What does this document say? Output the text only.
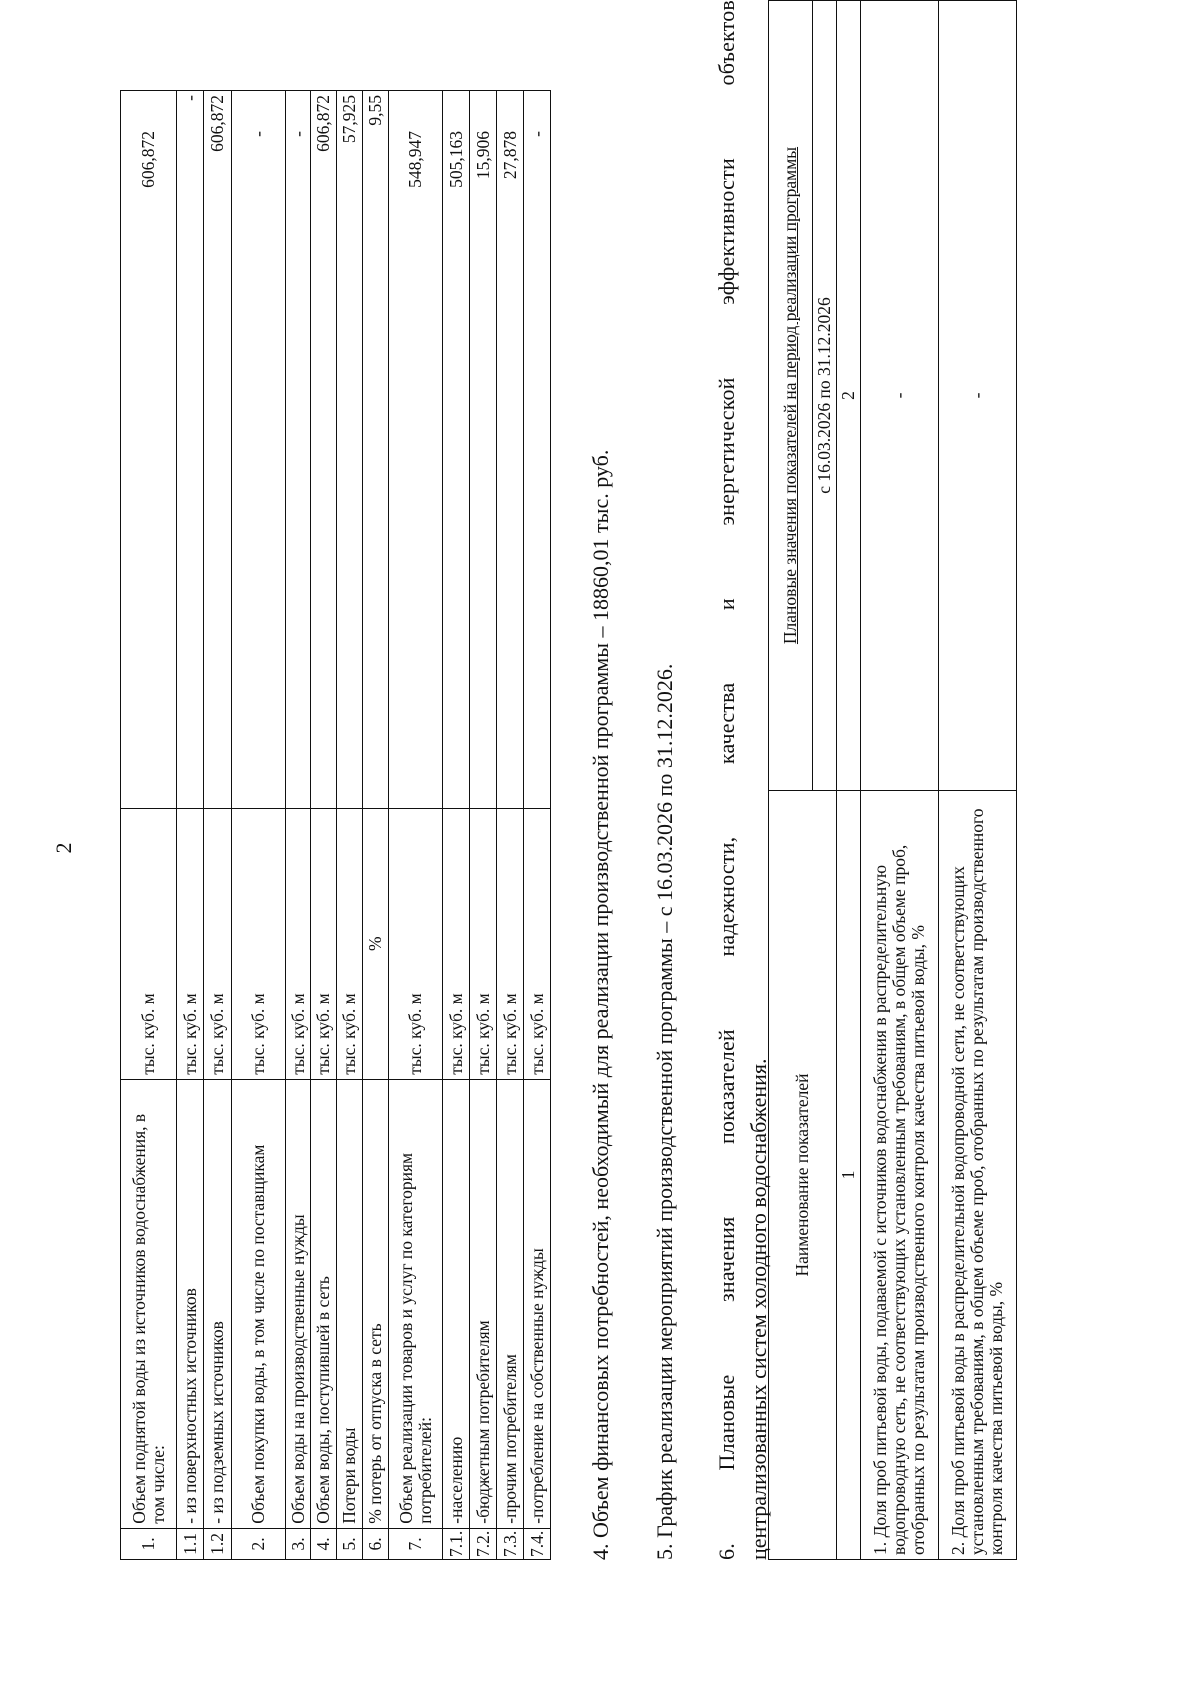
2
1.	Объем поднятой воды из источников водоснабжения, в том числе:	тыс. куб. м	606,872
1.1	- из поверхностных источников	тыс. куб. м	-
1.2	- из подземных источников	тыс. куб. м	606,872
2.	Объем покупки воды, в том числе по поставщикам	тыс. куб. м	-
3.	Объем воды на производственные нужды	тыс. куб. м	-
4.	Объем воды, поступившей в сеть	тыс. куб. м	606,872
5.	Потери воды	тыс. куб. м	57,925
6.	% потерь от отпуска в сеть	%	9,55
7.	Объем реализации товаров и услуг по категориям потребителей:	тыс. куб. м	548,947
7.1.	-населению	тыс. куб. м	505,163
7.2.	-бюджетным потребителям	тыс. куб. м	15,906
7.3.	-прочим потребителям	тыс. куб. м	27,878
7.4.	-потребление на собственные нужды	тыс. куб. м	-
4. Объем финансовых потребностей, необходимый для реализации производственной программы – 18860,01 тыс. руб. 5. График реализации мероприятий производственной программы – с 16.03.2026 по 31.12.2026. 6. Плановые значения показателей надежности, качества и энергетической эффективности объектов централизованных систем холодного водоснабжения. Наименование показателей	Плановые значения показателей на период реализации программы
	с 16.03.2026 по 31.12.2026
1	2
1. Доля проб питьевой воды, подаваемой с источников водоснабжения в распределительную водопроводную сеть, не соответствующих установленным требованиям, в общем объеме проб, отобранных по результатам производственного контроля качества питьевой воды, %	-
2. Доля проб питьевой воды в распределительной водопроводной сети, не соответствующих установленным требованиям, в общем объеме проб, отобранных по результатам производственного контроля качества питьевой воды, %	-
